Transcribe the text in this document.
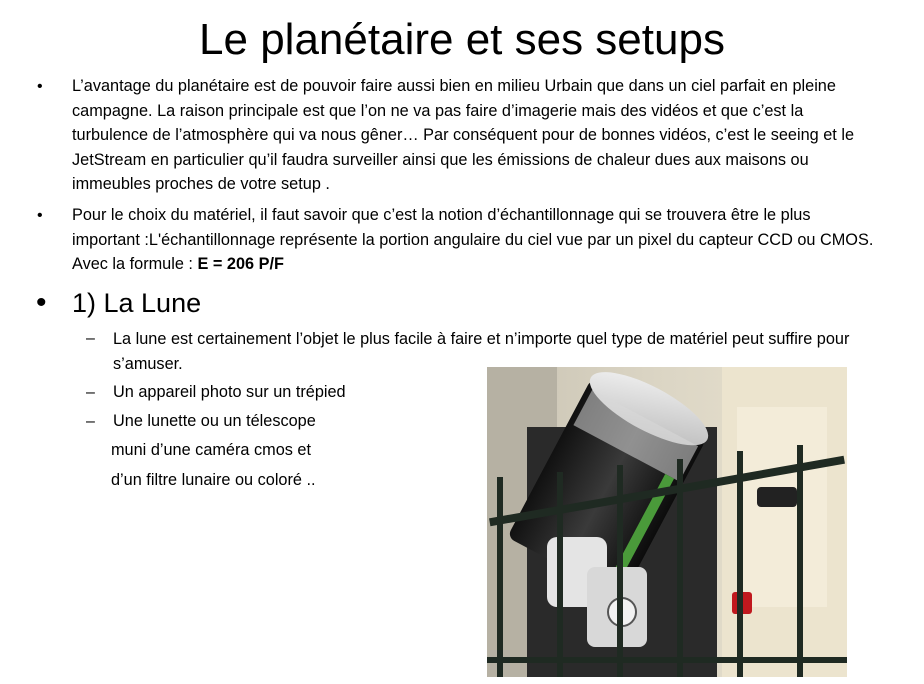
Le planétaire et ses setups
• L’avantage du planétaire est de pouvoir faire aussi bien en milieu Urbain que dans un ciel parfait en pleine campagne. La raison principale est que l’on ne va pas faire d’imagerie mais des vidéos et que c’est la turbulence de l’atmosphère qui va nous gêner… Par conséquent pour de bonnes vidéos, c’est le seeing et le JetStream en particulier qu’il faudra surveiller ainsi que les émissions de chaleur dues aux maisons ou immeubles proches de votre setup .
• Pour le choix du matériel, il faut savoir que c’est la notion d’échantillonnage qui se trouvera être le plus important :L'échantillonnage représente la portion angulaire du ciel vue par un pixel du capteur CCD ou CMOS. Avec la formule : E = 206 P/F
• 1) La Lune
– La lune est certainement l’objet le plus facile à faire et n’importe quel type de matériel peut suffire pour s’amuser.
– Un appareil photo sur un trépied
– Une lunette ou un télescope
muni d’une caméra cmos et
d’un filtre lunaire ou coloré ..
